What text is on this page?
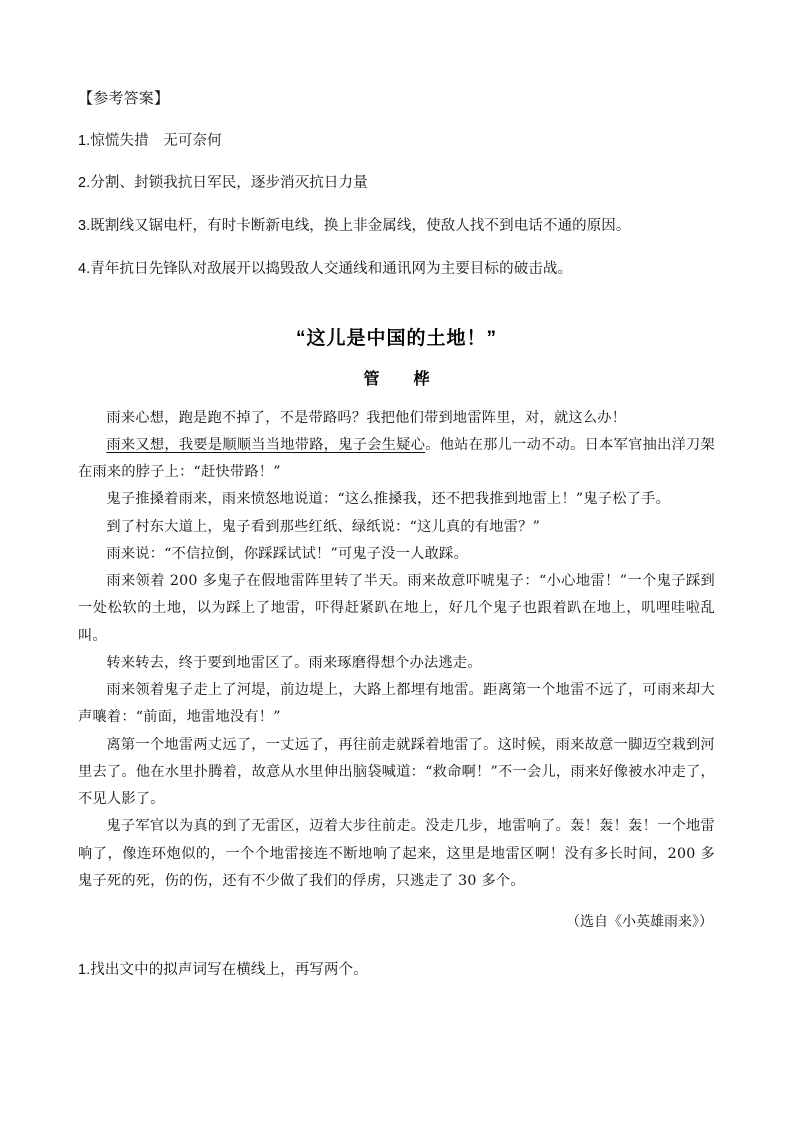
【参考答案】
1.惊慌失措　无可奈何
2.分割、封锁我抗日军民，逐步消灭抗日力量
3.既割线又锯电杆，有时卡断新电线，换上非金属线，使敌人找不到电话不通的原因。
4.青年抗日先锋队对敌展开以捣毁敌人交通线和通讯网为主要目标的破击战。
“这儿是中国的土地！”
管　桦

雨来心想，跑是跑不掉了，不是带路吗？我把他们带到地雷阵里，对，就这么办！

雨来又想，我要是顺顺当当地带路，鬼子会生疑心。他站在那儿一动不动。日本军官抽出洋刀架在雨来的脖子上：“赶快带路！”

鬼子推搡着雨来，雨来愤怒地说道：“这么推搡我，还不把我推到地雷上！”鬼子松了手。

到了村东大道上，鬼子看到那些红纸、绿纸说：“这儿真的有地雷？”

雨来说：“不信拉倒，你踩踩试试！”可鬼子没一人敢踩。

雨来领着 200 多鬼子在假地雷阵里转了半天。雨来故意吓唬鬼子：“小心地雷！”一个鬼子踩到一处松软的土地，以为踩上了地雷，吓得赶紧趴在地上，好几个鬼子也跟着趴在地上，叽哩哇啦乱叫。

转来转去，终于要到地雷区了。雨来琢磨得想个办法逃走。

雨来领着鬼子走上了河堤，前边堤上，大路上都埋有地雷。距离第一个地雷不远了，可雨来却大声嚷着：“前面，地雷地没有！”

离第一个地雷两丈远了，一丈远了，再往前走就踩着地雷了。这时候，雨来故意一脚迈空栽到河里去了。他在水里扑腾着，故意从水里伸出脑袋喊道：“救命啊！”不一会儿，雨来好像被水冲走了，不见人影了。

鬼子军官以为真的到了无雷区，迈着大步往前走。没走几步，地雷响了。轰！轰！轰！一个地雷响了，像连环炮似的，一个个地雷接连不断地响了起来，这里是地雷区啊！没有多长时间，200 多鬼子死的死，伤的伤，还有不少做了我们的俘虏，只逃走了 30 多个。

（选自《小英雄雨来》）
1.找出文中的拟声词写在横线上，再写两个。
